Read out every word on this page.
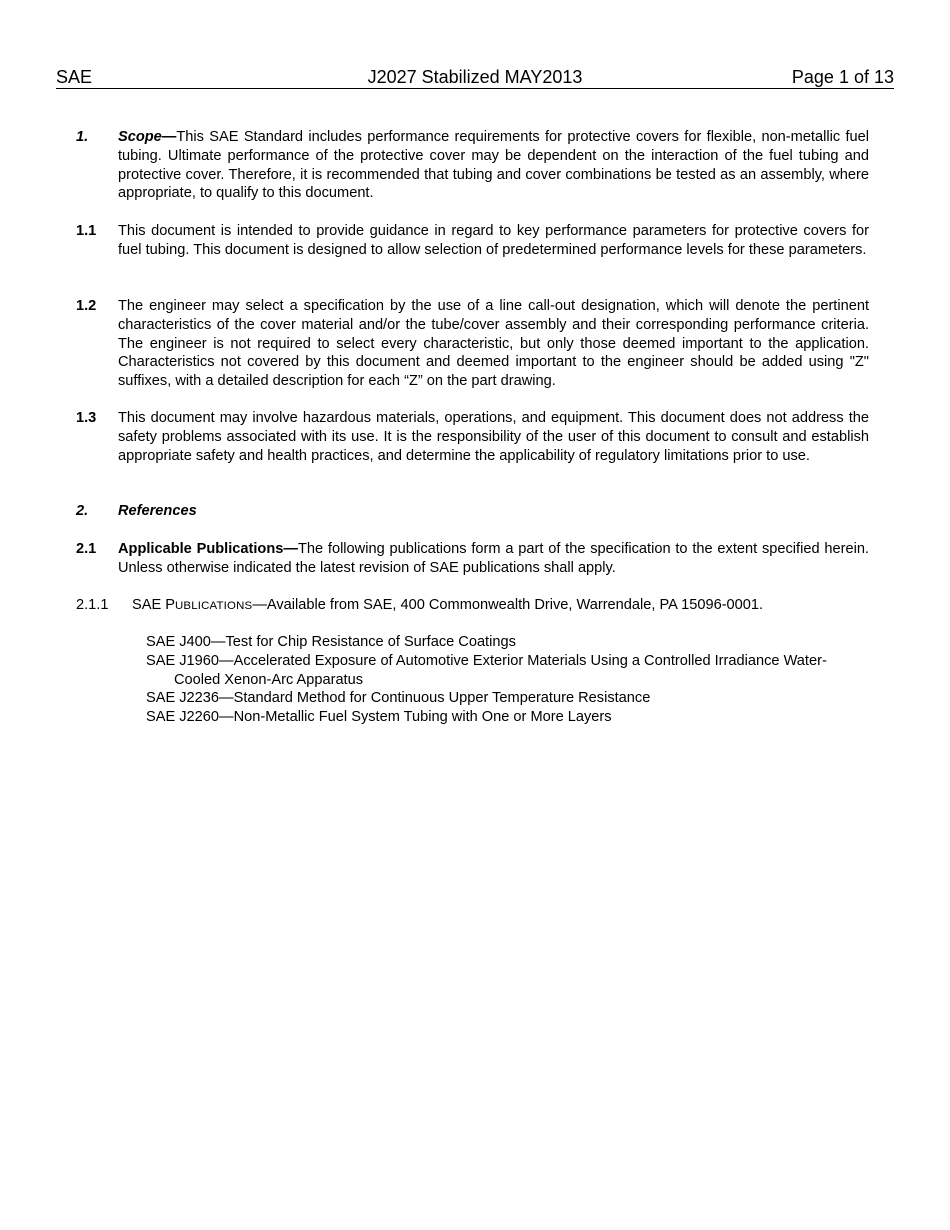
SAE	J2027 Stabilized MAY2013	Page 1 of 13
1. Scope—This SAE Standard includes performance requirements for protective covers for flexible, non-metallic fuel tubing. Ultimate performance of the protective cover may be dependent on the interaction of the fuel tubing and protective cover. Therefore, it is recommended that tubing and cover combinations be tested as an assembly, where appropriate, to qualify to this document.
1.1 This document is intended to provide guidance in regard to key performance parameters for protective covers for fuel tubing. This document is designed to allow selection of predetermined performance levels for these parameters.
1.2 The engineer may select a specification by the use of a line call-out designation, which will denote the pertinent characteristics of the cover material and/or the tube/cover assembly and their corresponding performance criteria. The engineer is not required to select every characteristic, but only those deemed important to the application. Characteristics not covered by this document and deemed important to the engineer should be added using "Z" suffixes, with a detailed description for each “Z” on the part drawing.
1.3 This document may involve hazardous materials, operations, and equipment. This document does not address the safety problems associated with its use. It is the responsibility of the user of this document to consult and establish appropriate safety and health practices, and determine the applicability of regulatory limitations prior to use.
2. References
2.1 Applicable Publications—The following publications form a part of the specification to the extent specified herein. Unless otherwise indicated the latest revision of SAE publications shall apply.
2.1.1 SAE PUBLICATIONS—Available from SAE, 400 Commonwealth Drive, Warrendale, PA 15096-0001.
SAE J400—Test for Chip Resistance of Surface Coatings
SAE J1960—Accelerated Exposure of Automotive Exterior Materials Using a Controlled Irradiance Water-Cooled Xenon-Arc Apparatus
SAE J2236—Standard Method for Continuous Upper Temperature Resistance
SAE J2260—Non-Metallic Fuel System Tubing with One or More Layers
